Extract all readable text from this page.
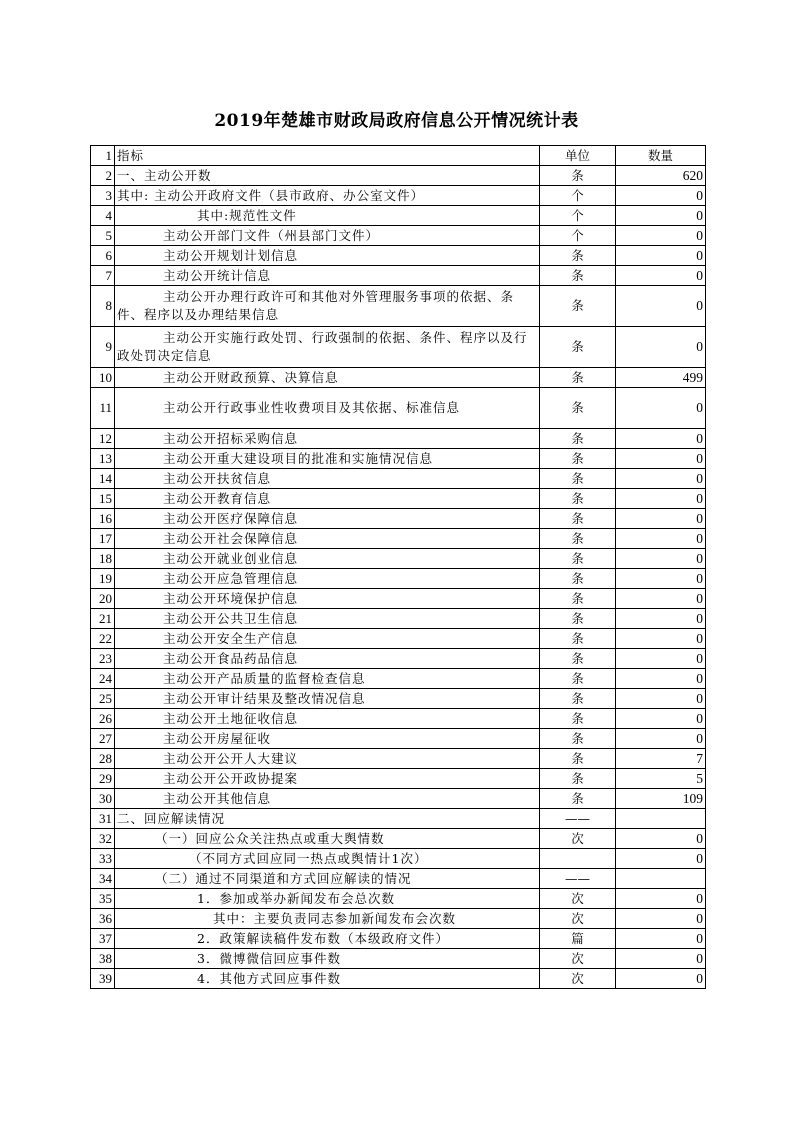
2019年楚雄市财政局政府信息公开情况统计表
1	指标	单位	数量
2	一、主动公开数	条	620
3	其中: 主动公开政府文件（县市政府、办公室文件）	个	0
4	其中:规范性文件	个	0
5	主动公开部门文件（州县部门文件）	个	0
6	主动公开规划计划信息	条	0
7	主动公开统计信息	条	0
8	主动公开办理行政许可和其他对外管理服务事项的依据、条件、程序以及办理结果信息	条	0
9	主动公开实施行政处罚、行政强制的依据、条件、程序以及行政处罚决定信息	条	0
10	主动公开财政预算、决算信息	条	499
11	主动公开行政事业性收费项目及其依据、标准信息	条	0
12	主动公开招标采购信息	条	0
13	主动公开重大建设项目的批准和实施情况信息	条	0
14	主动公开扶贫信息	条	0
15	主动公开教育信息	条	0
16	主动公开医疗保障信息	条	0
17	主动公开社会保障信息	条	0
18	主动公开就业创业信息	条	0
19	主动公开应急管理信息	条	0
20	主动公开环境保护信息	条	0
21	主动公开公共卫生信息	条	0
22	主动公开安全生产信息	条	0
23	主动公开食品药品信息	条	0
24	主动公开产品质量的监督检查信息	条	0
25	主动公开审计结果及整改情况信息	条	0
26	主动公开土地征收信息	条	0
27	主动公开房屋征收	条	0
28	主动公开公开人大建议	条	7
29	主动公开公开政协提案	条	5
30	主动公开其他信息	条	109
31	二、回应解读情况	——	
32	（一）回应公众关注热点或重大舆情数	次	0
33	（不同方式回应同一热点或舆情计1次）		0
34	（二）通过不同渠道和方式回应解读的情况	——	
35	1．参加或举办新闻发布会总次数	次	0
36	其中：主要负责同志参加新闻发布会次数	次	0
37	2．政策解读稿件发布数（本级政府文件）	篇	0
38	3．微博微信回应事件数	次	0
39	4．其他方式回应事件数	次	0
